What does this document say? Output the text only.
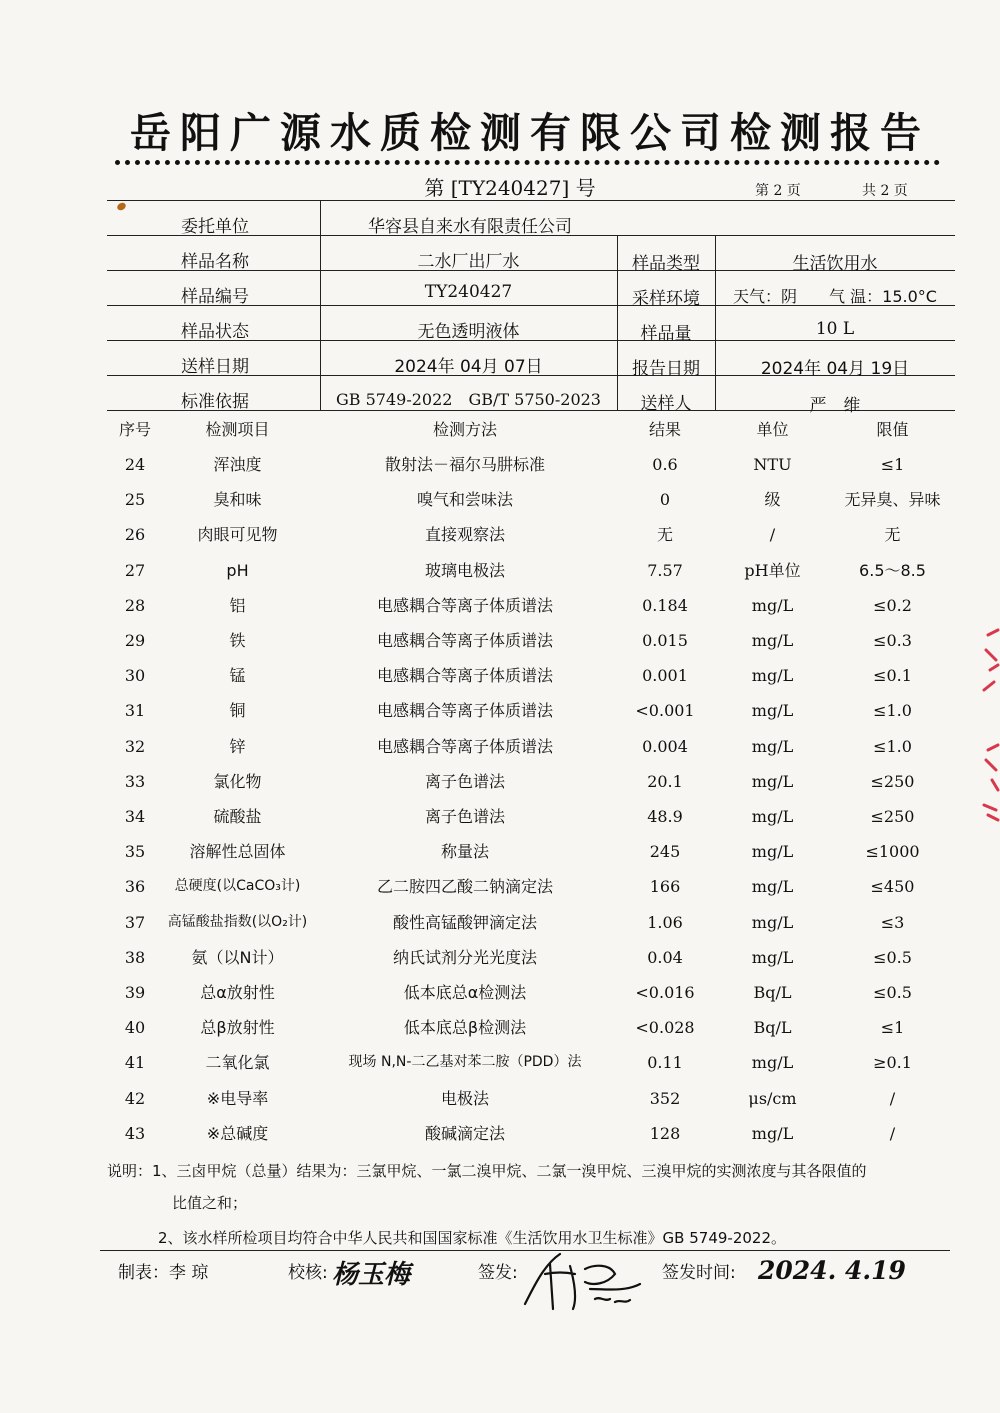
岳阳广源水质检测有限公司检测报告
第 [TY240427] 号	第 2 页	共 2 页
委托单位	华容县自来水有限责任公司
样品名称	二水厂出厂水	样品类型	生活饮用水
样品编号	TY240427	采样环境	天气：阴　　气 温：15.0°C
样品状态	无色透明液体	样品量	10 L
送样日期	2024年 04月 07日	报告日期	2024年 04月 19日
标准依据	GB 5749-2022　GB/T 5750-2023	送样人	严　维
序号	检测项目	检测方法	结果	单位	限值
24	浑浊度	散射法－福尔马肼标准	0.6	NTU	≤1
25	臭和味	嗅气和尝味法	0	级	无异臭、异味
26	肉眼可见物	直接观察法	无	/	无
27	pH	玻璃电极法	7.57	pH单位	6.5～8.5
28	铝	电感耦合等离子体质谱法	0.184	mg/L	≤0.2
29	铁	电感耦合等离子体质谱法	0.015	mg/L	≤0.3
30	锰	电感耦合等离子体质谱法	0.001	mg/L	≤0.1
31	铜	电感耦合等离子体质谱法	<0.001	mg/L	≤1.0
32	锌	电感耦合等离子体质谱法	0.004	mg/L	≤1.0
33	氯化物	离子色谱法	20.1	mg/L	≤250
34	硫酸盐	离子色谱法	48.9	mg/L	≤250
35	溶解性总固体	称量法	245	mg/L	≤1000
36	总硬度(以CaCO₃计)	乙二胺四乙酸二钠滴定法	166	mg/L	≤450
37	高锰酸盐指数(以O₂计)	酸性高锰酸钾滴定法	1.06	mg/L	≤3
38	氨（以N计）	纳氏试剂分光光度法	0.04	mg/L	≤0.5
39	总α放射性	低本底总α检测法	<0.016	Bq/L	≤0.5
40	总β放射性	低本底总β检测法	<0.028	Bq/L	≤1
41	二氧化氯	现场 N,N-二乙基对苯二胺（PDD）法	0.11	mg/L	≥0.1
42	※电导率	电极法	352	μs/cm	/
43	※总碱度	酸碱滴定法	128	mg/L	/
说明：1、三卤甲烷（总量）结果为：三氯甲烷、一氯二溴甲烷、二氯一溴甲烷、三溴甲烷的实测浓度与其各限值的
比值之和；
2、该水样所检项目均符合中华人民共和国国家标准《生活饮用水卫生标准》GB 5749-2022。
制表：李 琼	校核: 杨玉梅	签发:	签发时间: 2024. 4.19
